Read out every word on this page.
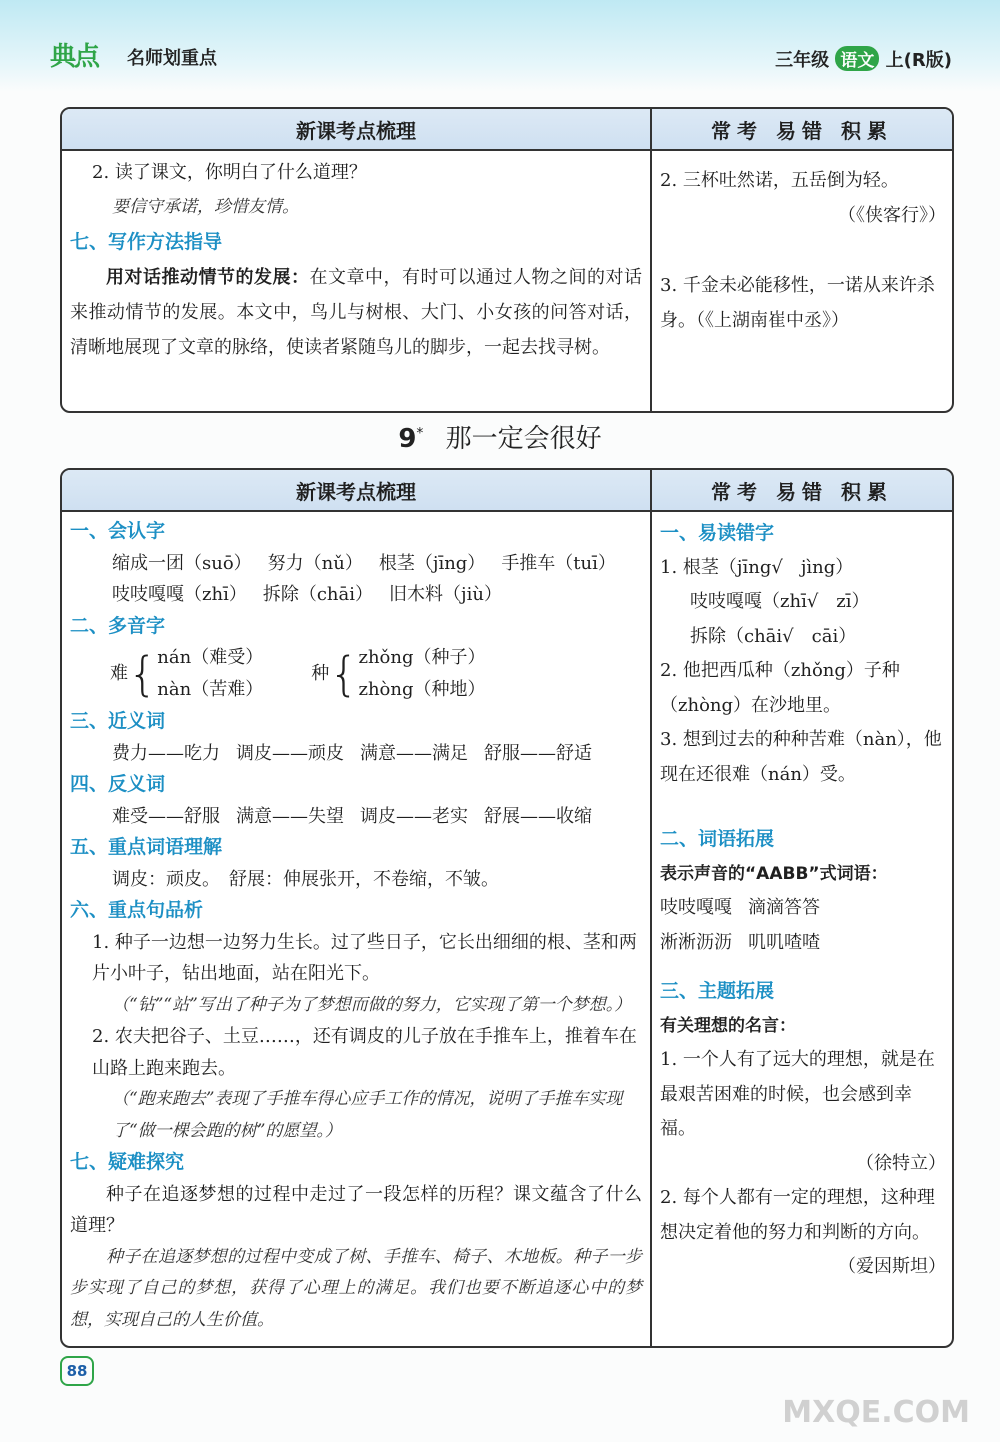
典点 名师划重点	三年级 语文 上(R版)
新课考点梳理	常考 易错 积累
2. 读了课文，你明白了什么道理？
要信守承诺，珍惜友情。
七、写作方法指导
用对话推动情节的发展：在文章中，有时可以通过人物之间的对话来推动情节的发展。本文中，鸟儿与树根、大门、小女孩的问答对话，清晰地展现了文章的脉络，使读者紧随鸟儿的脚步，一起去找寻树。
2. 三杯吐然诺，五岳倒为轻。
（《侠客行》）
3. 千金未必能移性，一诺从来许杀身。（《上湖南崔中丞》）
9* 那一定会很好
新课考点梳理	常考 易错 积累
一、会认字
缩成一团（suō） 努力（nǔ） 根茎（jīng） 手推车（tuī）
吱吱嘎嘎（zhī） 拆除（chāi） 旧木料（jiù）
二、多音字
难 { nán（难受）
nàn（苦难）
种 { zhǒng（种子）
zhòng（种地）
三、近义词
费力——吃力 调皮——顽皮 满意——满足 舒服——舒适
四、反义词
难受——舒服 满意——失望 调皮——老实 舒展——收缩
五、重点词语理解
调皮：顽皮。　舒展：伸展张开，不卷缩，不皱。
六、重点句品析
1. 种子一边想一边努力生长。过了些日子，它长出细细的根、茎和两片小叶子，钻出地面，站在阳光下。
（“钻”“站”写出了种子为了梦想而做的努力，它实现了第一个梦想。）
2. 农夫把谷子、土豆……，还有调皮的儿子放在手推车上，推着车在山路上跑来跑去。
（“跑来跑去”表现了手推车得心应手工作的情况，说明了手推车实现了“做一棵会跑的树”的愿望。）
七、疑难探究
种子在追逐梦想的过程中走过了一段怎样的历程？课文蕴含了什么道理？
种子在追逐梦想的过程中变成了树、手推车、椅子、木地板。种子一步步实现了自己的梦想，获得了心理上的满足。我们也要不断追逐心中的梦想，实现自己的人生价值。
一、易读错字
1. 根茎（jīng√　jìng）
吱吱嘎嘎（zhī√　zī）
拆除（chāi√　cāi）
2. 他把西瓜种（zhǒng）子种（zhòng）在沙地里。
3. 想到过去的种种苦难（nàn），他现在还很难（nán）受。
二、词语拓展
表示声音的“AABB”式词语：
吱吱嘎嘎 滴滴答答
淅淅沥沥 叽叽喳喳
三、主题拓展
有关理想的名言：
1. 一个人有了远大的理想，就是在最艰苦困难的时候，也会感到幸福。
（徐特立）
2. 每个人都有一定的理想，这种理想决定着他的努力和判断的方向。
（爱因斯坦）
88
MXQE.COM
